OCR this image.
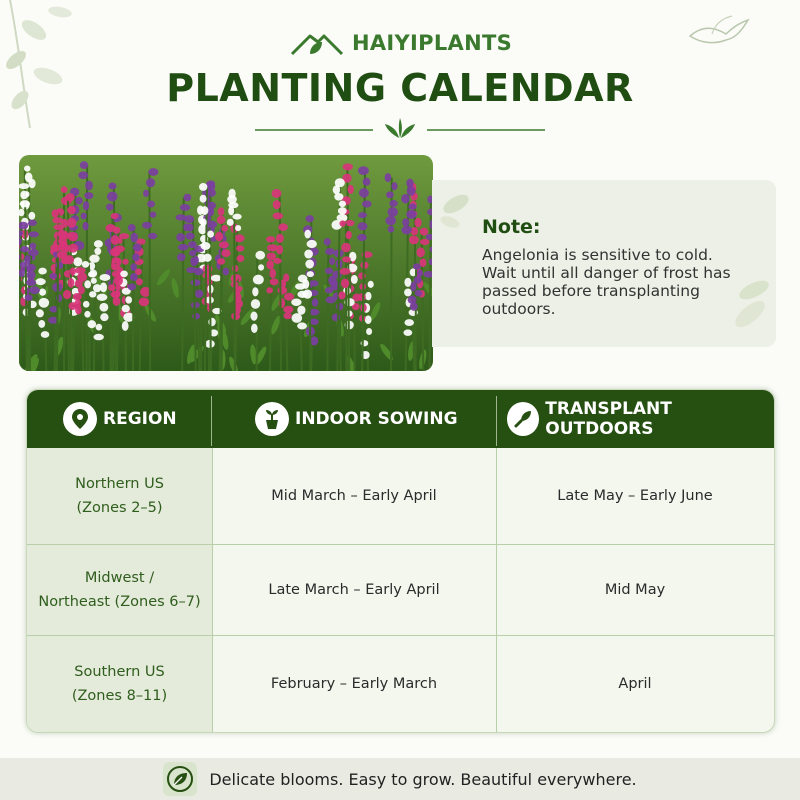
HAIYIPLANTS
PLANTING CALENDAR
Note:
Angelonia is sensitive to cold.
Wait until all danger of frost has
passed before transplanting
outdoors.
REGION	INDOOR SOWING	TRANSPLANT OUTDOORS
Northern US
(Zones 2–5)
Mid March – Early April	Late May – Early June
Midwest /
Northeast (Zones 6–7)
Late March – Early April	Mid May
Southern US
(Zones 8–11)
February – Early March	April
Delicate blooms. Easy to grow. Beautiful everywhere.
